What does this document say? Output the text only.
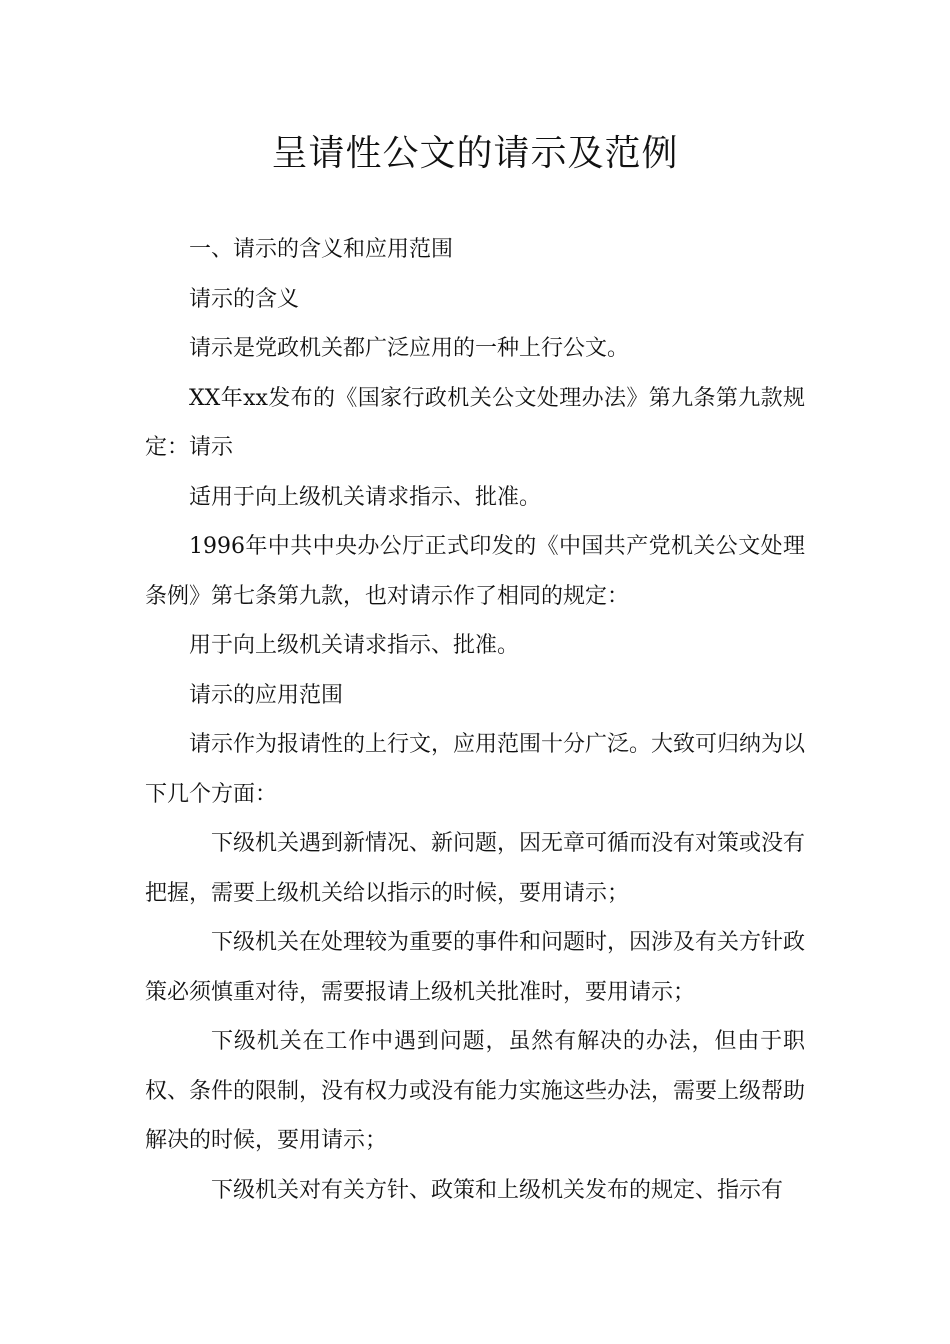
呈请性公文的请示及范例

一、请示的含义和应用范围

请示的含义

请示是党政机关都广泛应用的一种上行公文。

XX年xx发布的《国家行政机关公文处理办法》第九条第九款规定：请示

适用于向上级机关请求指示、批准。

1996年中共中央办公厅正式印发的《中国共产党机关公文处理条例》第七条第九款，也对请示作了相同的规定：

用于向上级机关请求指示、批准。

请示的应用范围

请示作为报请性的上行文，应用范围十分广泛。大致可归纳为以下几个方面：

下级机关遇到新情况、新问题，因无章可循而没有对策或没有把握，需要上级机关给以指示的时候，要用请示；

下级机关在处理较为重要的事件和问题时，因涉及有关方针政策必须慎重对待，需要报请上级机关批准时，要用请示；

下级机关在工作中遇到问题，虽然有解决的办法，但由于职权、条件的限制，没有权力或没有能力实施这些办法，需要上级帮助解决的时候，要用请示；

下级机关对有关方针、政策和上级机关发布的规定、指示有
